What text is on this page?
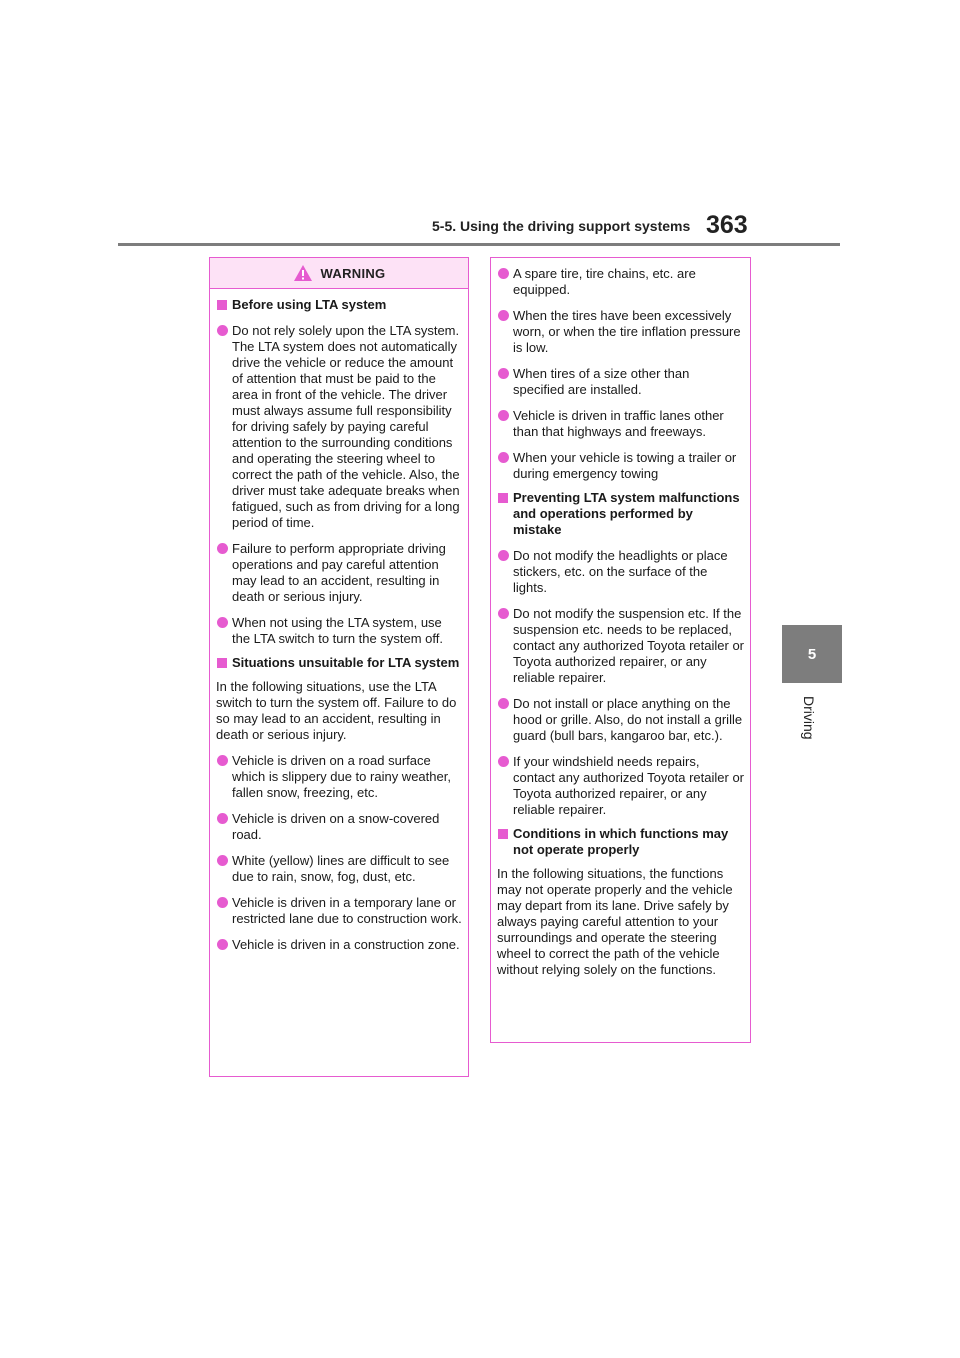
5-5. Using the driving support systems 363
5
Driving
WARNING
Before using LTA system
Do not rely solely upon the LTA system. The LTA system does not automatically drive the vehicle or reduce the amount of attention that must be paid to the area in front of the vehicle. The driver must always assume full responsibility for driving safely by paying careful attention to the surrounding conditions and operating the steering wheel to correct the path of the vehicle. Also, the driver must take adequate breaks when fatigued, such as from driving for a long period of time.
Failure to perform appropriate driving operations and pay careful attention may lead to an accident, resulting in death or serious injury.
When not using the LTA system, use the LTA switch to turn the system off.
Situations unsuitable for LTA system
In the following situations, use the LTA switch to turn the system off. Failure to do so may lead to an accident, resulting in death or serious injury.
Vehicle is driven on a road surface which is slippery due to rainy weather, fallen snow, freezing, etc.
Vehicle is driven on a snow-covered road.
White (yellow) lines are difficult to see due to rain, snow, fog, dust, etc.
Vehicle is driven in a temporary lane or restricted lane due to construction work.
Vehicle is driven in a construction zone.
A spare tire, tire chains, etc. are equipped.
When the tires have been excessively worn, or when the tire inflation pressure is low.
When tires of a size other than specified are installed.
Vehicle is driven in traffic lanes other than that highways and freeways.
When your vehicle is towing a trailer or during emergency towing
Preventing LTA system malfunctions and operations performed by mistake
Do not modify the headlights or place stickers, etc. on the surface of the lights.
Do not modify the suspension etc. If the suspension etc. needs to be replaced, contact any authorized Toyota retailer or Toyota authorized repairer, or any reliable repairer.
Do not install or place anything on the hood or grille. Also, do not install a grille guard (bull bars, kangaroo bar, etc.).
If your windshield needs repairs, contact any authorized Toyota retailer or Toyota authorized repairer, or any reliable repairer.
Conditions in which functions may not operate properly
In the following situations, the functions may not operate properly and the vehicle may depart from its lane. Drive safely by always paying careful attention to your surroundings and operate the steering wheel to correct the path of the vehicle without relying solely on the functions.
